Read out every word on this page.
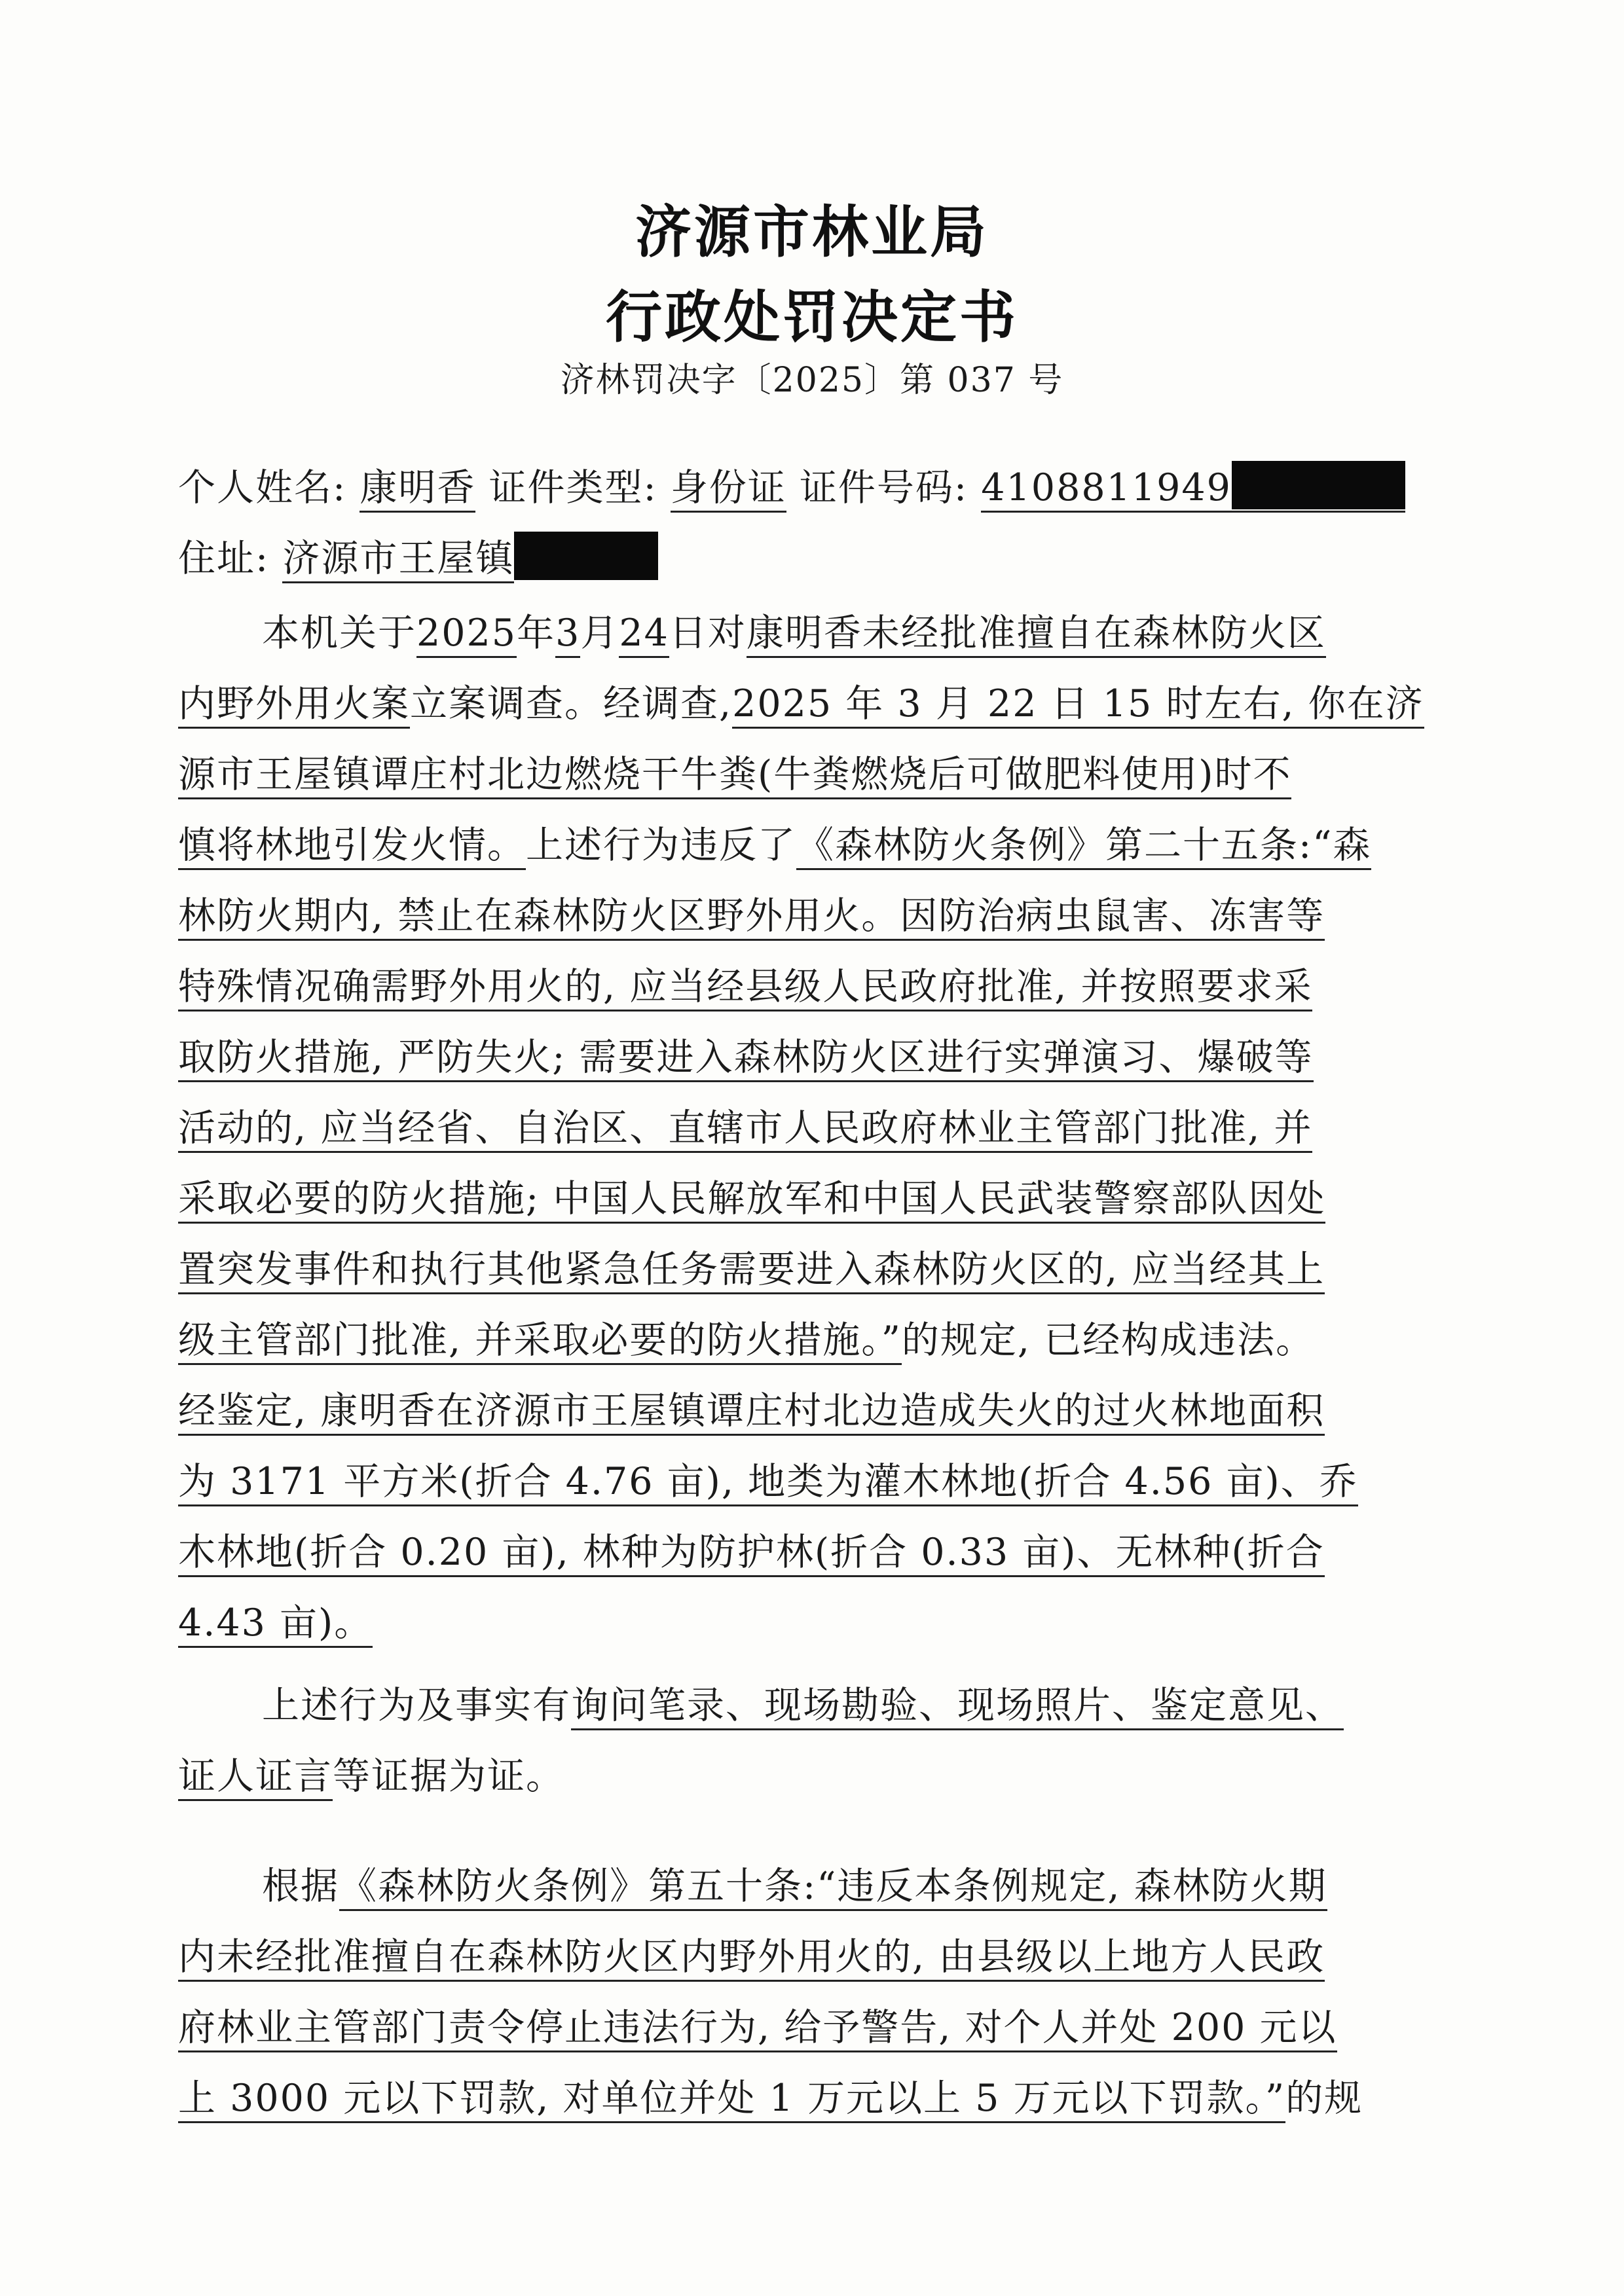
济源市林业局
行政处罚决定书
济林罚决字〔2025〕第 037 号
个人姓名: 康明香 证件类型: 身份证 证件号码: 4108811949
住址: 济源市王屋镇
本机关于2025年3月24日对康明香未经批准擅自在森林防火区
内野外用火案立案调查。经调查,2025 年 3 月 22 日 15 时左右, 你在济
源市王屋镇谭庄村北边燃烧干牛粪(牛粪燃烧后可做肥料使用)时不
慎将林地引发火情。上述行为违反了《森林防火条例》第二十五条:“森
林防火期内, 禁止在森林防火区野外用火。因防治病虫鼠害、冻害等
特殊情况确需野外用火的, 应当经县级人民政府批准, 并按照要求采
取防火措施, 严防失火; 需要进入森林防火区进行实弹演习、爆破等
活动的, 应当经省、自治区、直辖市人民政府林业主管部门批准, 并
采取必要的防火措施; 中国人民解放军和中国人民武装警察部队因处
置突发事件和执行其他紧急任务需要进入森林防火区的, 应当经其上
级主管部门批准, 并采取必要的防火措施。”的规定, 已经构成违法。
经鉴定, 康明香在济源市王屋镇谭庄村北边造成失火的过火林地面积
为 3171 平方米(折合 4.76 亩), 地类为灌木林地(折合 4.56 亩)、乔
木林地(折合 0.20 亩), 林种为防护林(折合 0.33 亩)、无林种(折合
4.43 亩)。
上述行为及事实有询问笔录、现场勘验、现场照片、鉴定意见、
证人证言等证据为证。
根据《森林防火条例》第五十条:“违反本条例规定, 森林防火期
内未经批准擅自在森林防火区内野外用火的, 由县级以上地方人民政
府林业主管部门责令停止违法行为, 给予警告, 对个人并处 200 元以
上 3000 元以下罚款, 对单位并处 1 万元以上 5 万元以下罚款。”的规
